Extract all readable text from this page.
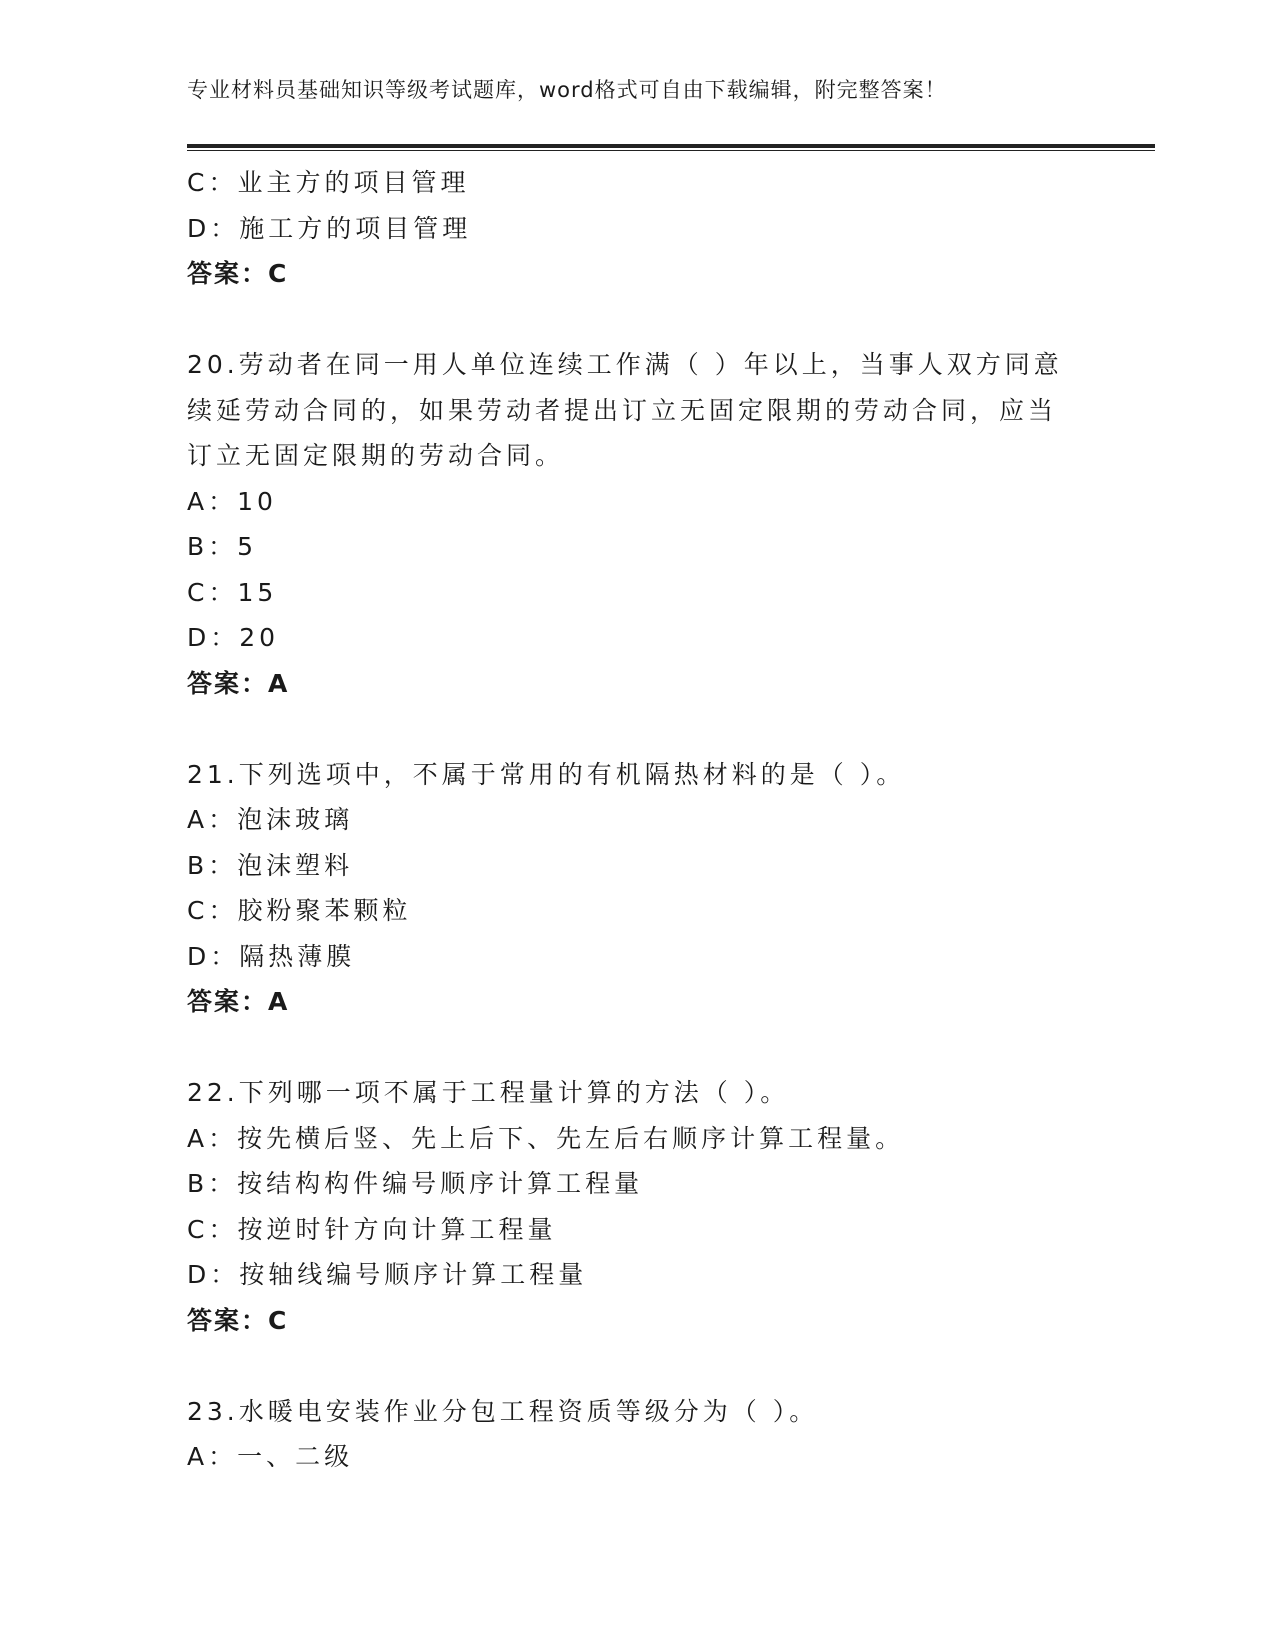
专业材料员基础知识等级考试题库，word格式可自由下载编辑，附完整答案！
C：业主方的项目管理
D：施工方的项目管理
答案：C
20.劳动者在同一用人单位连续工作满（ ）年以上，当事人双方同意
续延劳动合同的，如果劳动者提出订立无固定限期的劳动合同，应当
订立无固定限期的劳动合同。
A：10
B：5
C：15
D：20
答案：A
21.下列选项中，不属于常用的有机隔热材料的是（ ）。
A：泡沫玻璃
B：泡沫塑料
C：胶粉聚苯颗粒
D：隔热薄膜
答案：A
22.下列哪一项不属于工程量计算的方法（ ）。
A：按先横后竖、先上后下、先左后右顺序计算工程量。
B：按结构构件编号顺序计算工程量
C：按逆时针方向计算工程量
D：按轴线编号顺序计算工程量
答案：C
23.水暖电安装作业分包工程资质等级分为（ ）。
A：一、二级
